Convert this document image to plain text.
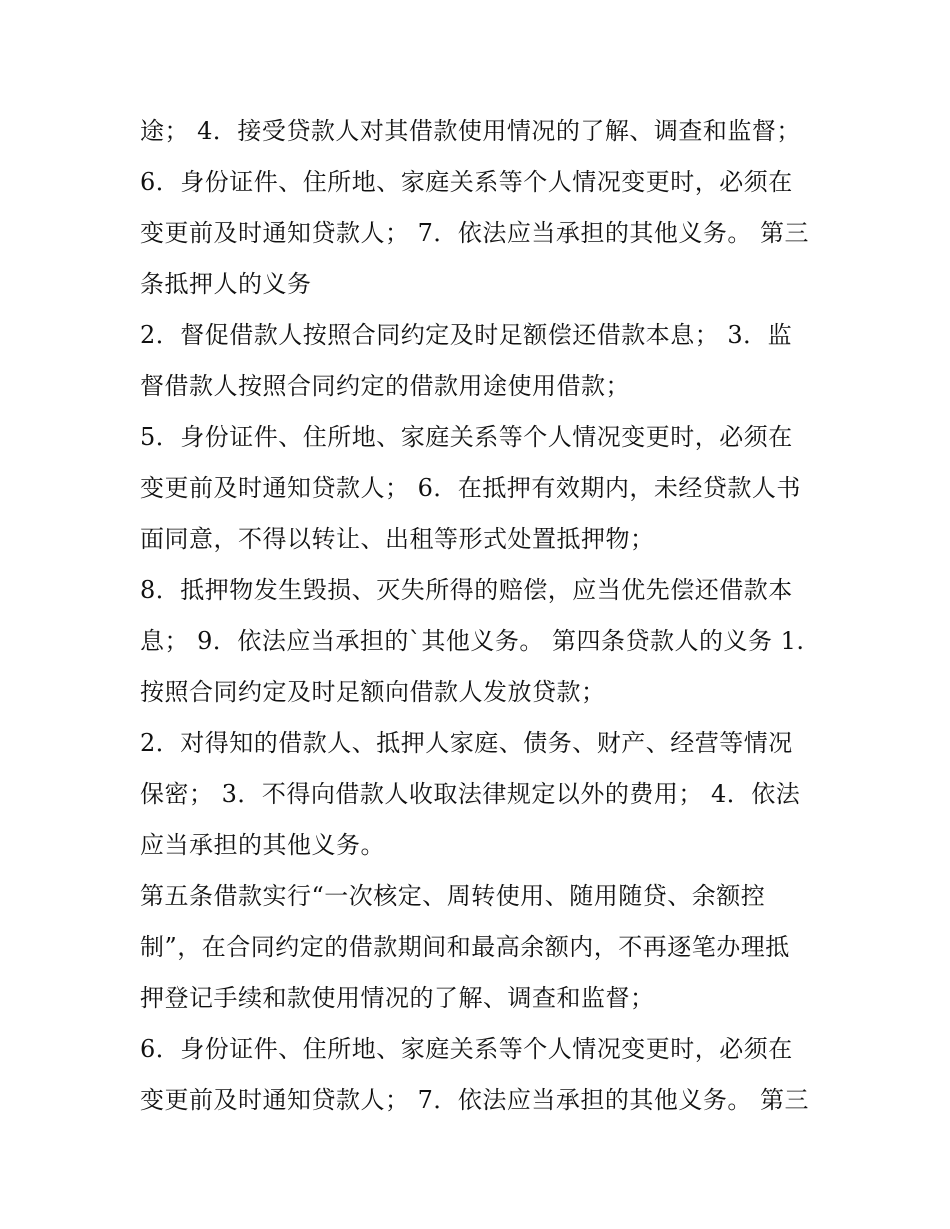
途； 4．接受贷款人对其借款使用情况的了解、调查和监督；
6．身份证件、住所地、家庭关系等个人情况变更时，必须在
变更前及时通知贷款人； 7．依法应当承担的其他义务。 第三
条抵押人的义务
2．督促借款人按照合同约定及时足额偿还借款本息； 3．监
督借款人按照合同约定的借款用途使用借款；
5．身份证件、住所地、家庭关系等个人情况变更时，必须在
变更前及时通知贷款人； 6．在抵押有效期内，未经贷款人书
面同意，不得以转让、出租等形式处置抵押物；
8．抵押物发生毁损、灭失所得的赔偿，应当优先偿还借款本
息； 9．依法应当承担的`其他义务。 第四条贷款人的义务 1.
按照合同约定及时足额向借款人发放贷款；
2．对得知的借款人、抵押人家庭、债务、财产、经营等情况
保密； 3．不得向借款人收取法律规定以外的费用； 4．依法
应当承担的其他义务。
第五条借款实行“一次核定、周转使用、随用随贷、余额控
制”，在合同约定的借款期间和最高余额内，不再逐笔办理抵
押登记手续和款使用情况的了解、调查和监督；
6．身份证件、住所地、家庭关系等个人情况变更时，必须在
变更前及时通知贷款人； 7．依法应当承担的其他义务。 第三
